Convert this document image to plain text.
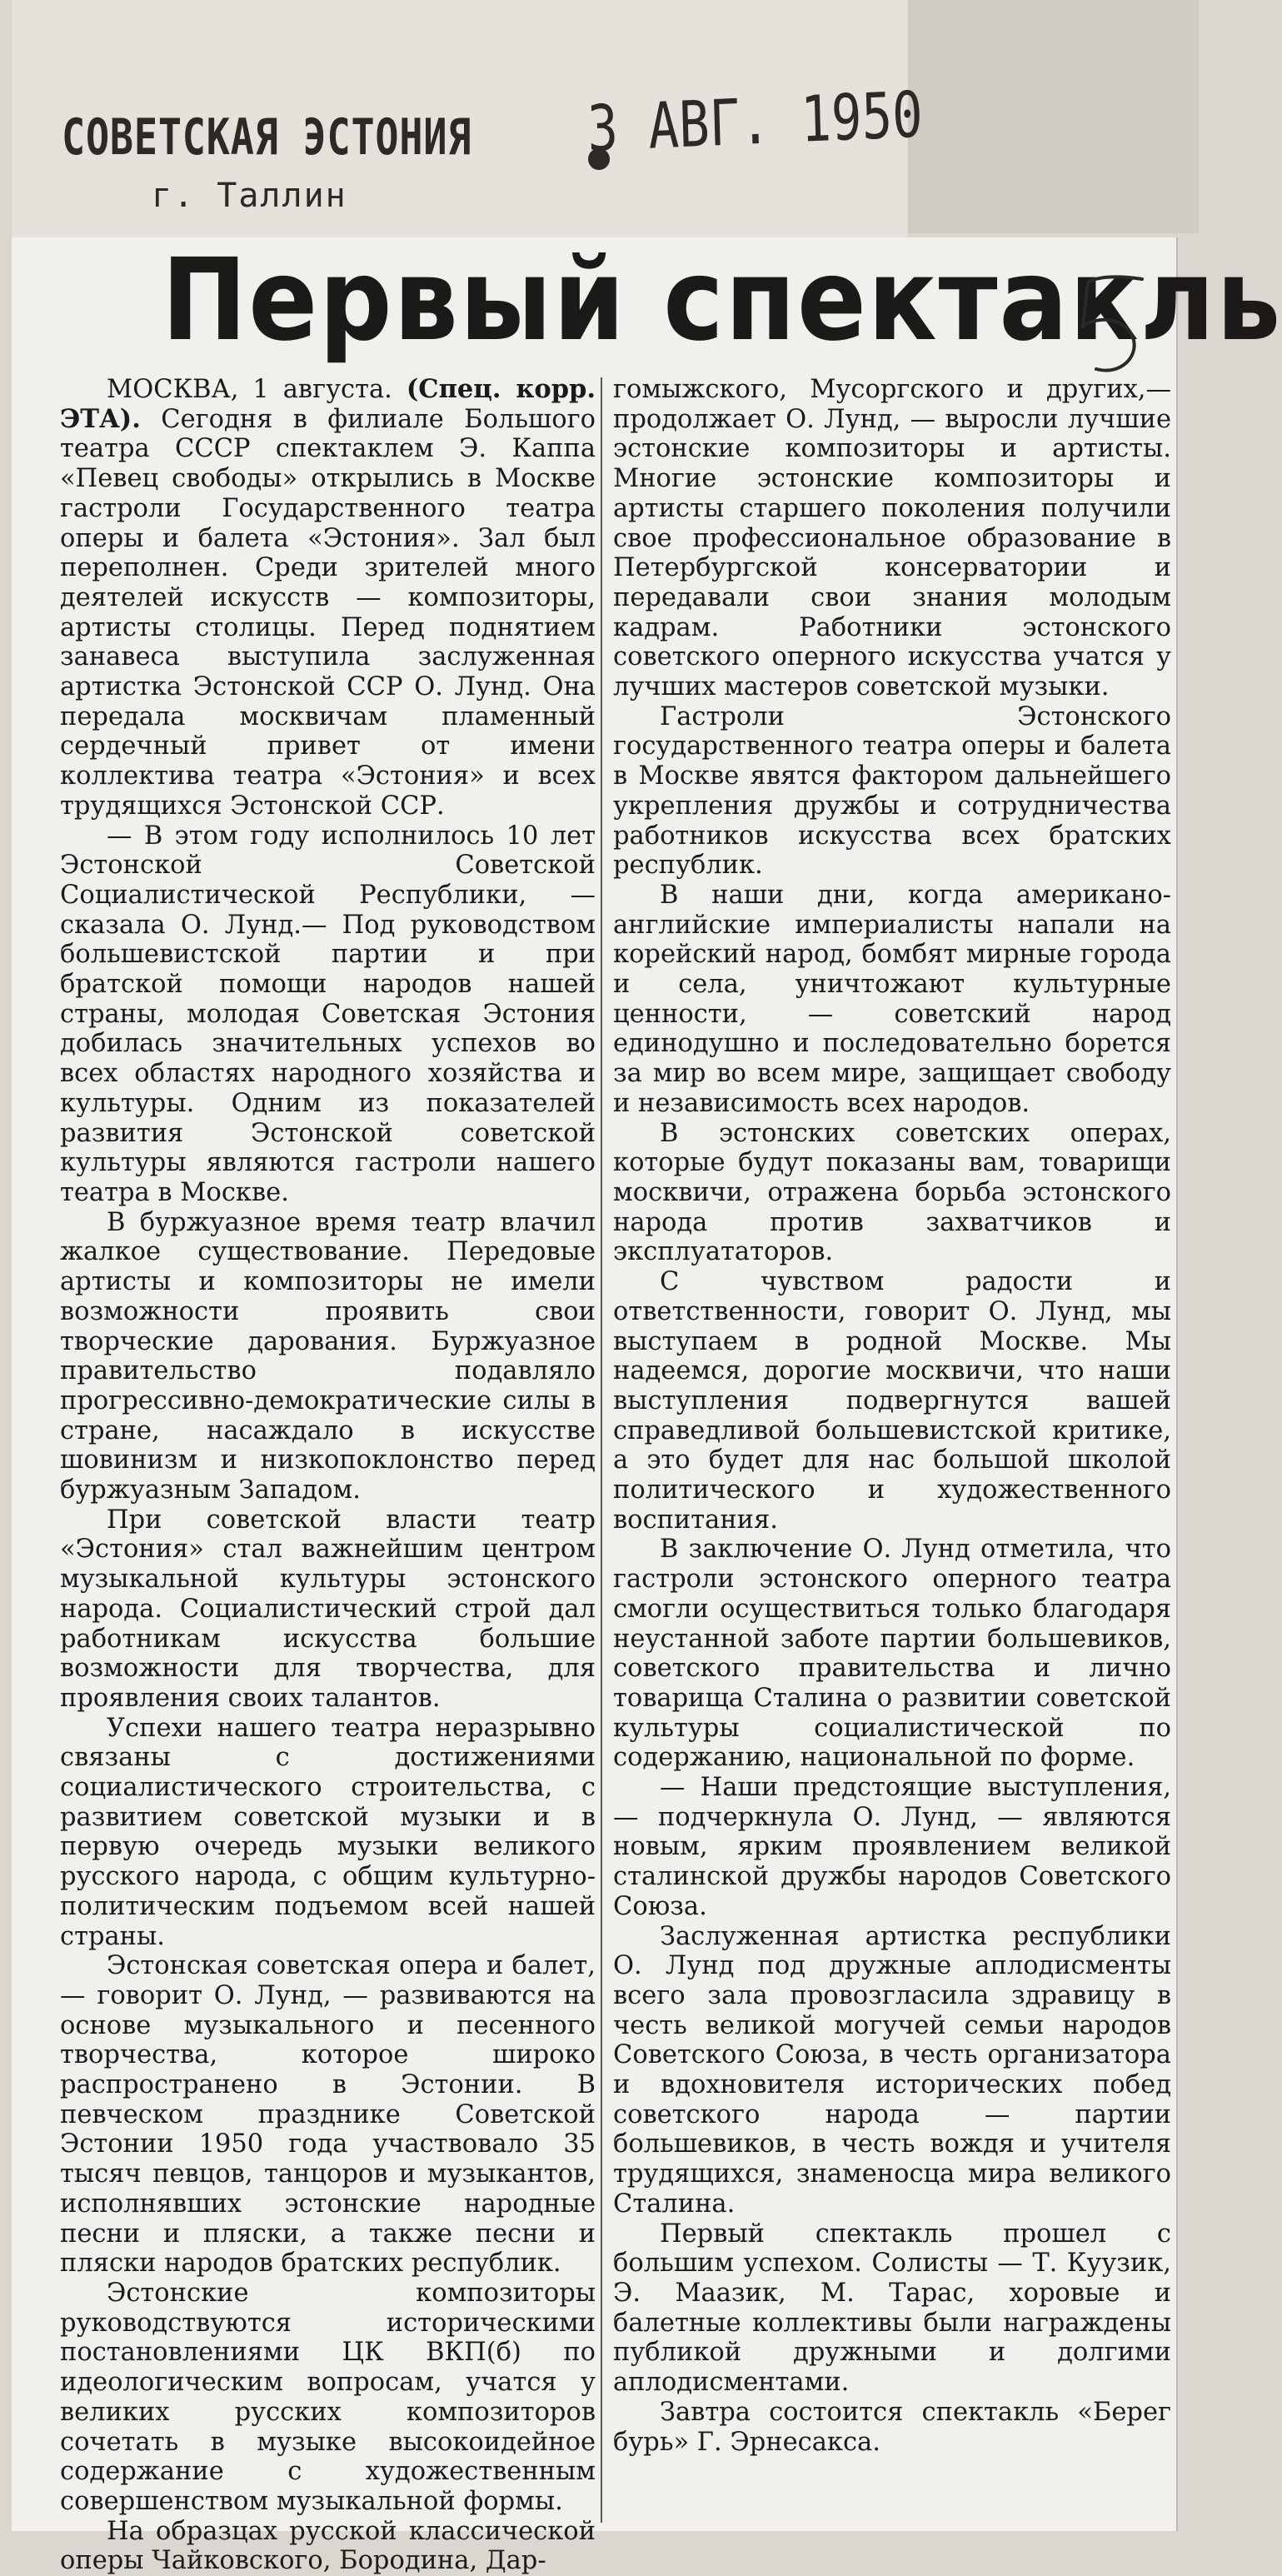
СОВЕТСКАЯ ЭСТОНИЯ
г. Таллин
3 АВГ. 1950
Первый спектакль

МОСКВА, 1 августа. (Спец. корр. ЭТА). Сегодня в филиале Большого театра СССР спектаклем Э. Каппа «Певец свободы» открылись в Москве гастроли Государственного театра оперы и балета «Эстония». Зал был переполнен. Среди зрителей много деятелей искусств — композиторы, артисты столицы. Перед поднятием занавеса выступила заслуженная артистка Эстонской ССР О. Лунд. Она передала москвичам пламенный сердечный привет от имени коллектива театра «Эстония» и всех трудящихся Эстонской ССР.

— В этом году исполнилось 10 лет Эстонской Советской Социалистической Республики, — сказала О. Лунд.— Под руководством большевистской партии и при братской помощи народов нашей страны, молодая Советская Эстония добилась значительных успехов во всех областях народного хозяйства и культуры. Одним из показателей развития Эстонской советской культуры являются гастроли нашего театра в Москве.

В буржуазное время театр влачил жалкое существование. Передовые артисты и композиторы не имели возможности проявить свои творческие дарования. Буржуазное правительство подавляло прогрессивно-демократические силы в стране, насаждало в искусстве шовинизм и низкопоклонство перед буржуазным Западом.

При советской власти театр «Эстония» стал важнейшим центром музыкальной культуры эстонского народа. Социалистический строй дал работникам искусства большие возможности для творчества, для проявления своих талантов.

Успехи нашего театра неразрывно связаны с достижениями социалистического строительства, с развитием советской музыки и в первую очередь музыки великого русского народа, с общим культурно-политическим подъемом всей нашей страны.

Эстонская советская опера и балет, — говорит О. Лунд, — развиваются на основе музыкального и песенного творчества, которое широко распространено в Эстонии. В певческом празднике Советской Эстонии 1950 года участвовало 35 тысяч певцов, танцоров и музыкантов, исполнявших эстонские народные песни и пляски, а также песни и пляски народов братских республик.

Эстонские композиторы руководствуются историческими постановлениями ЦК ВКП(б) по идеологическим вопросам, учатся у великих русских композиторов сочетать в музыке высокоидейное содержание с художественным совершенством музыкальной формы.

На образцах русской классической оперы Чайковского, Бородина, Дар-

гомыжского, Мусоргского и других,— продолжает О. Лунд, — выросли лучшие эстонские композиторы и артисты. Многие эстонские композиторы и артисты старшего поколения получили свое профессиональное образование в Петербургской консерватории и передавали свои знания молодым кадрам. Работники эстонского советского оперного искусства учатся у лучших мастеров советской музыки.

Гастроли Эстонского государственного театра оперы и балета в Москве явятся фактором дальнейшего укрепления дружбы и сотрудничества работников искусства всех братских республик.

В наши дни, когда американо-английские империалисты напали на корейский народ, бомбят мирные города и села, уничтожают культурные ценности, — советский народ единодушно и последовательно борется за мир во всем мире, защищает свободу и независимость всех народов.

В эстонских советских операх, которые будут показаны вам, товарищи москвичи, отражена борьба эстонского народа против захватчиков и эксплуататоров.

С чувством радости и ответственности, говорит О. Лунд, мы выступаем в родной Москве. Мы надеемся, дорогие москвичи, что наши выступления подвергнутся вашей справедливой большевистской критике, а это будет для нас большой школой политического и художественного воспитания.

В заключение О. Лунд отметила, что гастроли эстонского оперного театра смогли осуществиться только благодаря неустанной заботе партии большевиков, советского правительства и лично товарища Сталина о развитии советской культуры социалистической по содержанию, национальной по форме.

— Наши предстоящие выступления, — подчеркнула О. Лунд, — являются новым, ярким проявлением великой сталинской дружбы народов Советского Союза.

Заслуженная артистка республики О. Лунд под дружные аплодисменты всего зала провозгласила здравицу в честь великой могучей семьи народов Советского Союза, в честь организатора и вдохновителя исторических побед советского народа — партии большевиков, в честь вождя и учителя трудящихся, знаменосца мира великого Сталина.

Первый спектакль прошел с большим успехом. Солисты — Т. Куузик, Э. Маазик, М. Тарас, хоровые и балетные коллективы были награждены публикой дружными и долгими аплодисментами.

Завтра состоится спектакль «Берег бурь» Г. Эрнесакса.
